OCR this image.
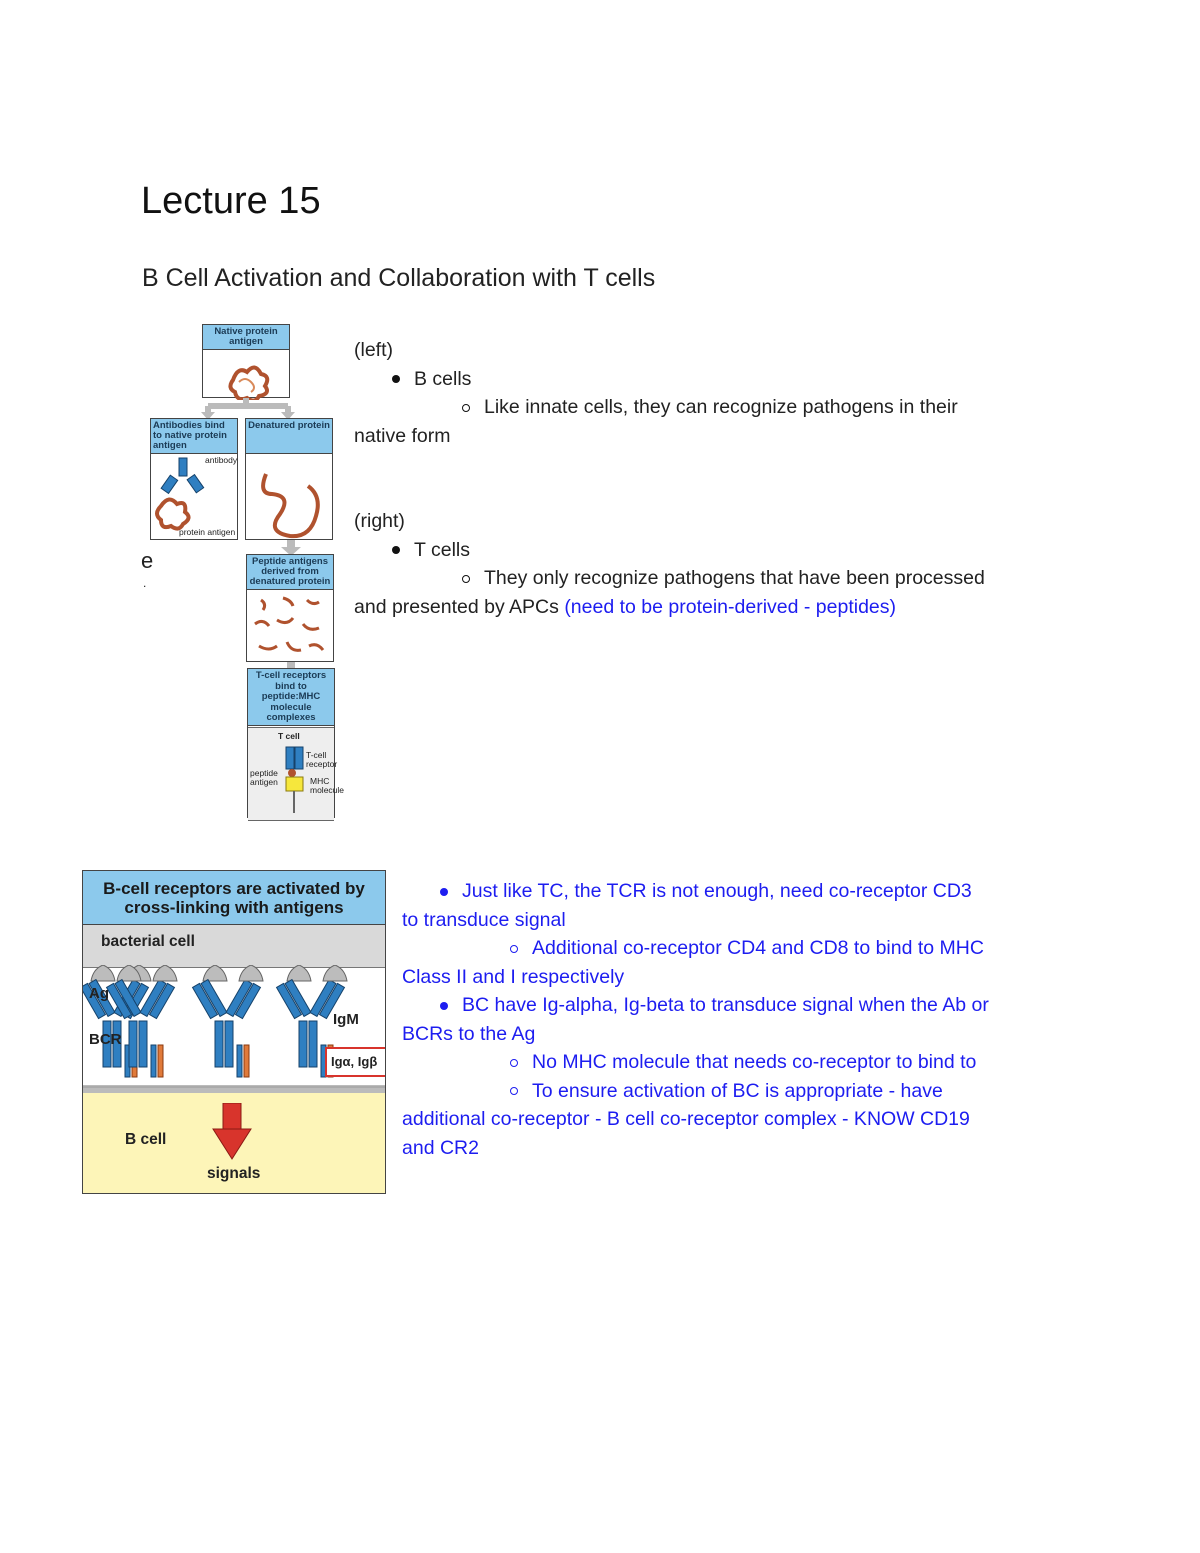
Lecture 15
B Cell Activation and Collaboration with T cells
e
.
Native protein antigen
Antibodies bind to native protein antigen
antibody
protein antigen
Denatured protein
Peptide antigens derived from denatured protein
T-cell receptors bind to peptide:MHC molecule complexes
T cell
T-cell receptor
MHC molecule
peptide antigen
(left)
B cells
Like innate cells, they can recognize pathogens in their
native form
(right)
T cells
They only recognize pathogens that have been processed
and presented by APCs (need to be protein-derived - peptides)
B-cell receptors are activated by
cross-linking with antigens
bacterial cell
Ag
BCR
IgM
Igα, Igβ
B cell
signals
Just like TC, the TCR is not enough, need co-receptor CD3
to transduce signal
Additional co-receptor CD4 and CD8 to bind to MHC
Class II and I respectively
BC have Ig-alpha, Ig-beta to transduce signal when the Ab or
BCRs to the Ag
No MHC molecule that needs co-receptor to bind to
To ensure activation of BC is appropriate - have
additional co-receptor - B cell co-receptor complex - KNOW CD19
and CR2
